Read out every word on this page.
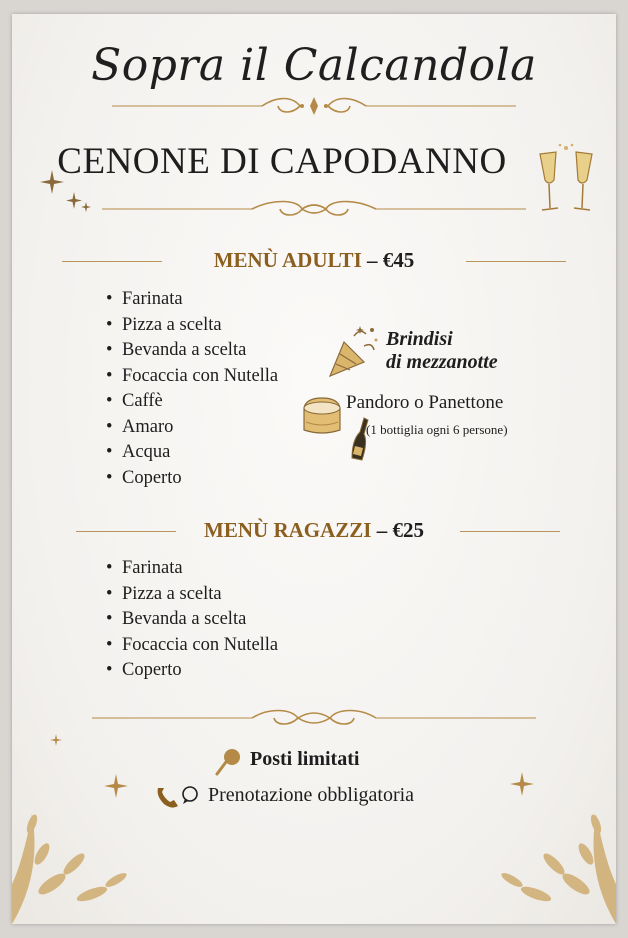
Sopra il Calcandola
CENONE DI CAPODANNO
MENÙ ADULTI – €45
• Farinata
• Pizza a scelta
• Bevanda a scelta
• Focaccia con Nutella
• Caffè
• Amaro
• Acqua
• Coperto
Brindisi
di mezzanotte
Pandoro o Panettone
(1 bottiglia ogni 6 persone)
MENÙ RAGAZZI – €25
• Farinata
• Pizza a scelta
• Bevanda a scelta
• Focaccia con Nutella
• Coperto
Posti limitati
Prenotazione obbligatoria
